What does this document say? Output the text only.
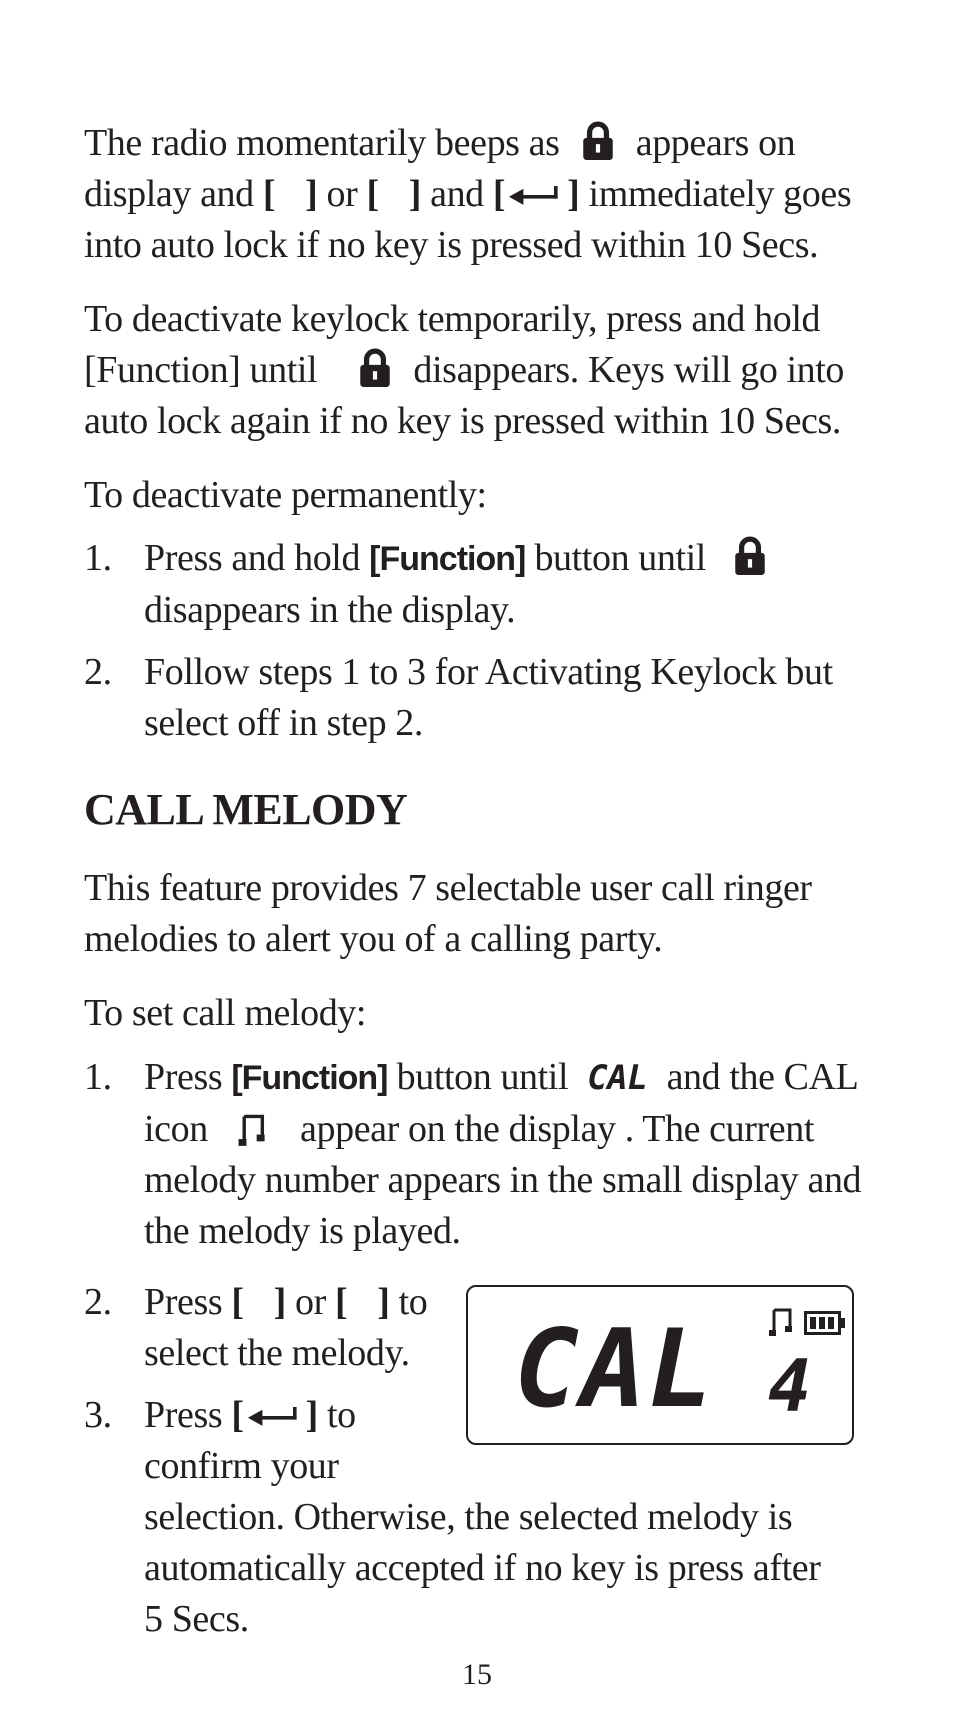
The radio momentarily beeps as appears on
display and [ ] or [ ] and [ ] immediately goes
into auto lock if no key is pressed within 10 Secs.
To deactivate keylock temporarily, press and hold
[Function] until	disappears. Keys will go into
auto lock again if no key is pressed within 10 Secs.
To deactivate permanently:
1. Press and hold [Function] button until
disappears in the display.
2. Follow steps 1 to 3 for Activating Keylock but
select off in step 2.
CALL MELODY
This feature provides 7 selectable user call ringer
melodies to alert you of a calling party.
To set call melody:
1. Press [Function] button until CAL and the CAL
icon appear on the display . The current
melody number appears in the small display and
the melody is played.
2. Press [ ] or [ ] to
select the melody.
3. Press [ ] to
confirm your
selection. Otherwise, the selected melody is
automatically accepted if no key is press after
5 Secs.
CAL 4
15
